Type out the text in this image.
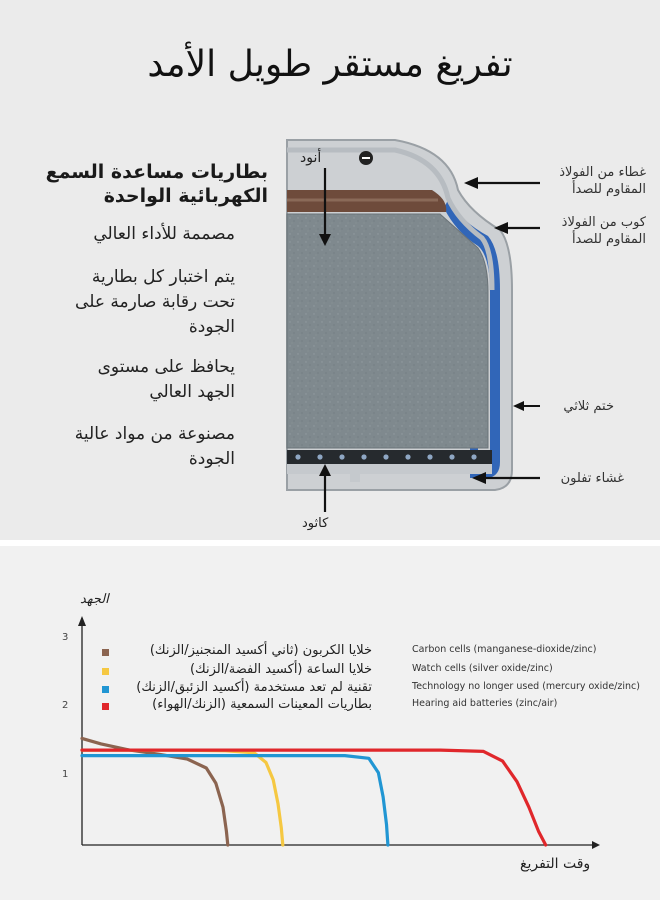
تفريغ مستقر طويل الأمد
بطاريات مساعدة السمع الكهربائية الواحدة
مصممة للأداء العالي
يتم اختبار كل بطارية تحت رقابة صارمة على الجودة
يحافظ على مستوى الجهد العالي
مصنوعة من مواد عالية الجودة
أنود
كاثود
غطاء من الفولاذ المقاوم للصدأ
كوب من الفولاذ المقاوم للصدأ
ختم ثلاثي
غشاء تفلون
الجهد
وقت التفريغ
خلايا الكربون (ثاني أكسيد المنجنيز/الزنك)	Carbon cells (manganese-dioxide/zinc)
خلايا الساعة (أكسيد الفضة/الزنك)	Watch cells (silver oxide/zinc)
تقنية لم تعد مستخدمة (أكسيد الزئبق/الزنك)	Technology no longer used (mercury oxide/zinc)
بطاريات المعينات السمعية (الزنك/الهواء)	Hearing aid batteries (zinc/air)
1
2
3
